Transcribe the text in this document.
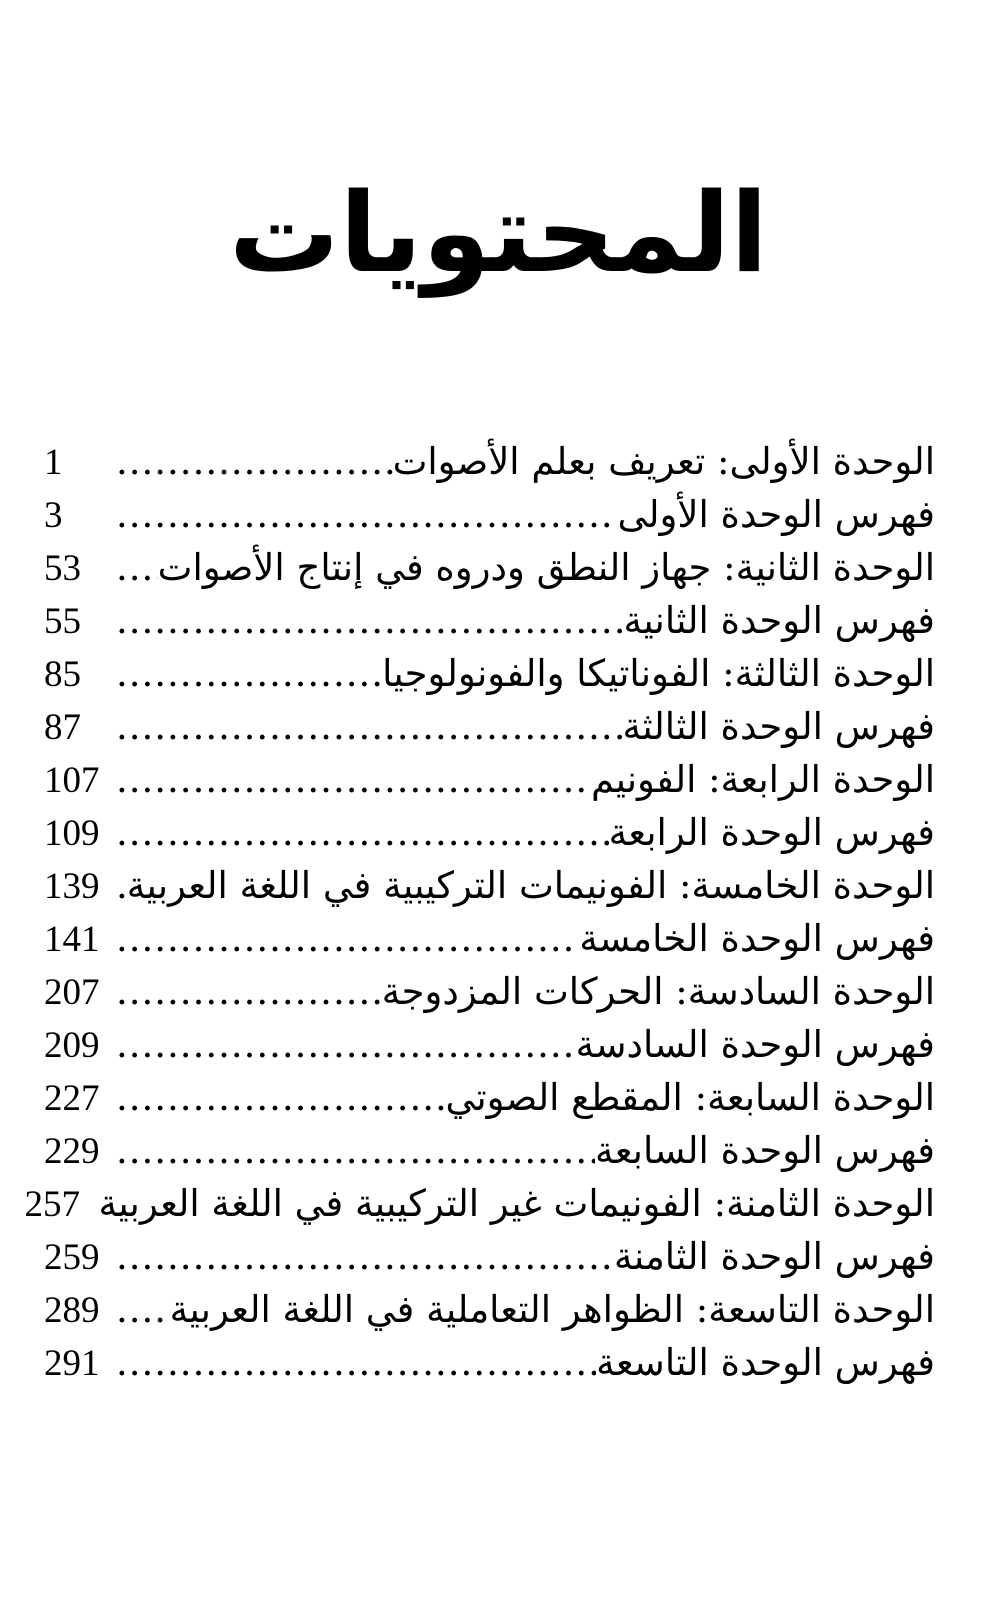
المحتويات
الوحدة الأولى: تعريف بعلم الأصوات
.....
1
فهرس الوحدة الأولى
.....
3
الوحدة الثانية: جهاز النطق ودروه في إنتاج الأصوات
.....
53
فهرس الوحدة الثانية
.....
55
الوحدة الثالثة: الفوناتيكا والفونولوجيا
.....
85
فهرس الوحدة الثالثة
.....
87
الوحدة الرابعة: الفونيم
.....
107
فهرس الوحدة الرابعة
.....
109
الوحدة الخامسة: الفونيمات التركيبية في اللغة العربية
.....
139
فهرس الوحدة الخامسة
.....
141
الوحدة السادسة: الحركات المزدوجة
.....
207
فهرس الوحدة السادسة
.....
209
الوحدة السابعة: المقطع الصوتي
.....
227
فهرس الوحدة السابعة
.....
229
الوحدة الثامنة: الفونيمات غير التركيبية في اللغة العربية
.....
257
فهرس الوحدة الثامنة
.....
259
الوحدة التاسعة: الظواهر التعاملية في اللغة العربية
.....
289
فهرس الوحدة التاسعة
.....
291
